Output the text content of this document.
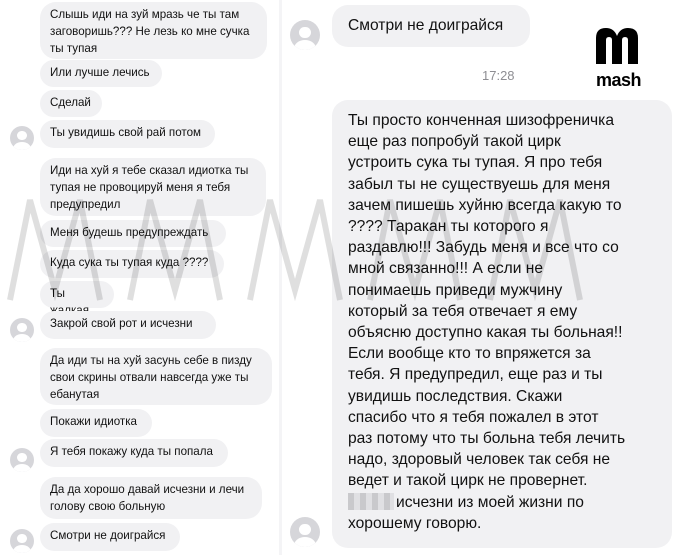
Слышь иди на зуй мразь че ты там
заговоришь??? Не лезь ко мне сучка
ты тупая
Или лучше лечись
Сделай
Ты увидишь свой рай потом
Иди на хуй я тебе сказал идиотка ты
тупая не провоцируй меня я тебя
предупредил
Меня будешь предупреждать
Куда сука ты тупая куда ????
Ты
Закрой свой рот и исчезни
Да иди ты на хуй засунь себе в пизду
свои скрины отвали навсегда уже ты
ебанутая
Покажи идиотка
Я тебя покажу куда ты попала
Да да хорошо давай исчезни и лечи
голову свою больную
Смотри не доиграйся
Смотри не доиграйся
17:28	mash
Ты просто конченная шизофреничка
еще раз попробуй такой цирк
устроить сука ты тупая. Я про тебя
забыл ты не существуешь для меня
зачем пишешь хуйню всегда какую то
???? Таракан ты которого я
раздавлю!!! Забудь меня и все что со
мной связанно!!! А если не
понимаешь приведи мужчину
который за тебя отвечает я ему
объясню доступно какая ты больная!!
Если вообще кто то впряжется за
тебя. Я предупредил, еще раз и ты
увидишь последствия. Скажи
спасибо что я тебя пожалел в этот
раз потому что ты больна тебя лечить
надо, здоровый человек так себя не
ведет и такой цирк не провернет.
исчезни из моей жизни по
хорошему говорю.
